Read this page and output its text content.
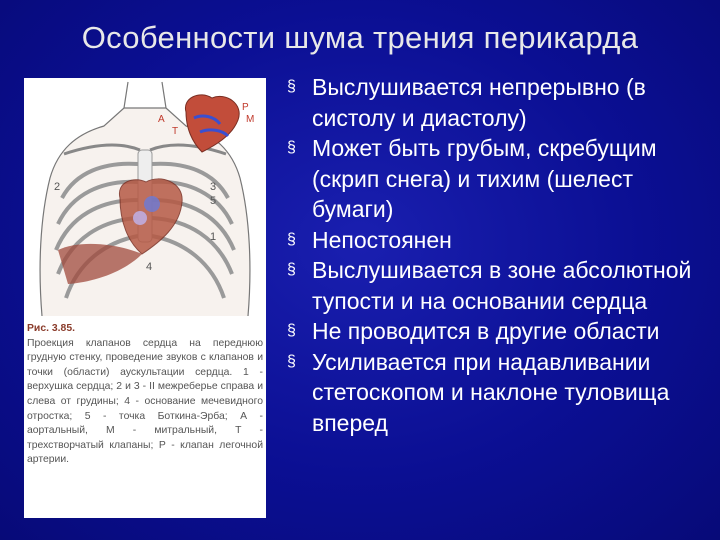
Особенности шума трения перикарда
А
Т
Р
М
2	3
5
1
4
Рис. 3.85.
Проекция клапанов сердца на переднюю грудную стенку, проведение звуков с клапанов и точки (области) аускультации сердца. 1 - верхушка сердца; 2 и 3 - II межреберье справа и слева от грудины; 4 - основание мечевидного отростка; 5 - точка Боткина-Эрба; А - аортальный, М - митральный, Т - трехстворчатый клапаны; Р - клапан легочной артерии.
§ Выслушивается непрерывно (в систолу и диастолу)
§ Может быть грубым, скребущим (скрип снега) и тихим (шелест бумаги)
§ Непостоянен
§ Выслушивается в зоне абсолютной тупости и на основании сердца
§ Не проводится в другие области
§ Усиливается при надавливании стетоскопом и наклоне туловища вперед
